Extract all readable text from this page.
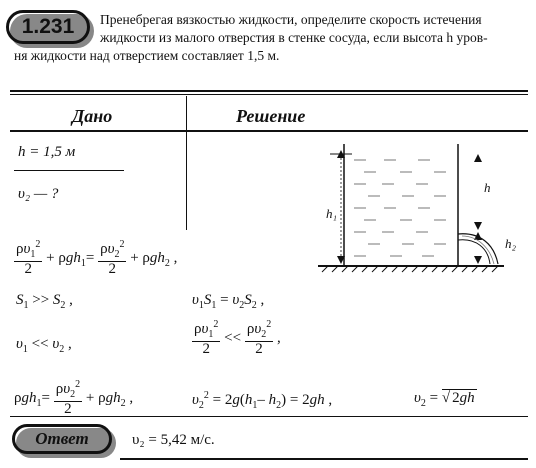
1.231 Пренебрегая вязкостью жидкости, определите скорость истечения
жидкости из малого отверстия в стенке сосуда, если высота h уров-
ня жидкости над отверстием составляет 1,5 м.
Дано	Решение
h = 1,5 м
υ₂ — ?	h
h₁
h₂
$\frac{\rho\upsilon_1^2}{2} + \rho gh_1= \frac{\rho\upsilon_2^2}{2} + \rho gh_2$ ,
$S_1 >> S_2$ ,	$\upsilon_1S_1 = \upsilon_2S_2$ ,
$\upsilon_1 << \upsilon_2$ ,	$\frac{\rho\upsilon_1^2}{2} << \frac{\rho\upsilon_2^2}{2}$ ,
$\rho gh_1= \frac{\rho\upsilon_2^2}{2} + \rho gh_2$ ,	$\upsilon_2^2 = 2g(h_1-$ $h_2) = 2gh$ ,	$\upsilon_2$ = √ 2gh
Ответ	υ₂ = 5,42 м/с.
